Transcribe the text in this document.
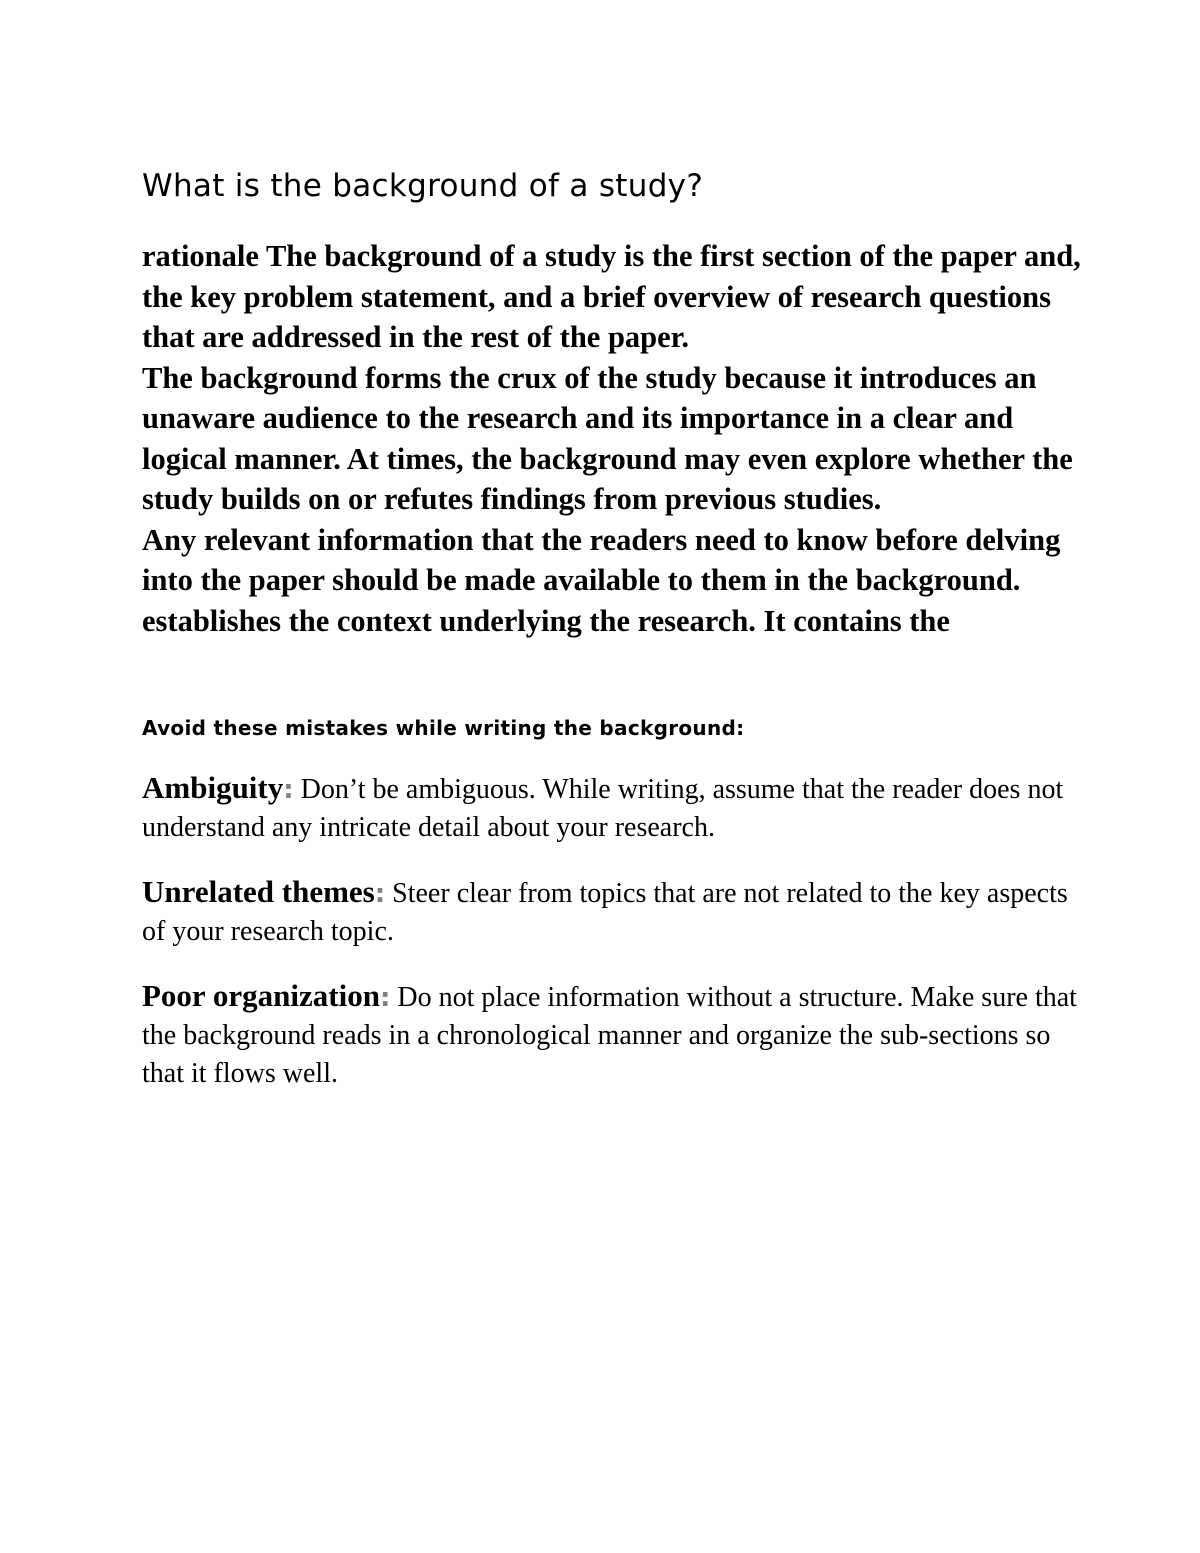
What is the background of a study?

rationale The background of a study is the first section of the paper and, the key problem statement, and a brief overview of research questions that are addressed in the rest of the paper.

The background forms the crux of the study because it introduces an unaware audience to the research and its importance in a clear and logical manner. At times, the background may even explore whether the study builds on or refutes findings from previous studies.

Any relevant information that the readers need to know before delving into the paper should be made available to them in the background. establishes the context underlying the research. It contains the

Avoid these mistakes while writing the background:

Ambiguity: Don’t be ambiguous. While writing, assume that the reader does not understand any intricate detail about your research.

Unrelated themes: Steer clear from topics that are not related to the key aspects of your research topic.

Poor organization: Do not place information without a structure. Make sure that the background reads in a chronological manner and organize the sub-sections so that it flows well.
